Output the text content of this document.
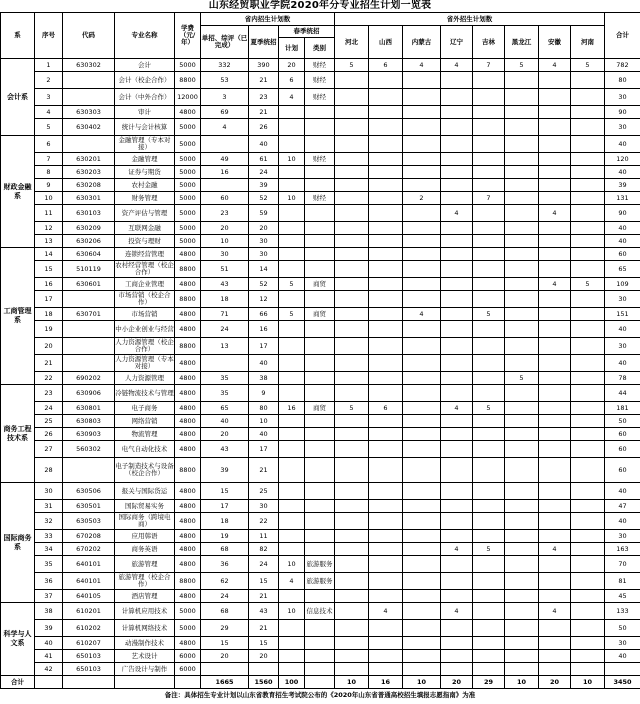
山东经贸职业学院2020年分专业招生计划一览表
系	序号	代码	专业名称	学费（元/年）	省内招生计划数				省外招生计划数								合计
					单招、综评（已完成）	夏季统招	春季统招		河北	山西	内蒙古	辽宁	吉林	黑龙江	安徽	河南	
							计划	类别									
会计系	1	630302	会计	5000	332	390	20	财经	5	6	4	4	7	5	4	5	782
	2		会计（校企合作）	8800	53	21	6	财经									80
	3		会计（中外合作）	12000	3	23	4	财经									30
	4	630303	审计	4800	69	21											90
	5	630402	统计与会计核算	5000	4	26											30
财政金融系	6		金融管理（专本对接）	5000		40											40
	7	630201	金融管理	5000	49	61	10	财经									120
	8	630203	证券与期货	5000	16	24											40
	9	630208	农村金融	5000		39											39
	10	630301	财务管理	5000	60	52	10	财经			2		7				131
	11	630103	资产评估与管理	5000	23	59						4			4		90
	12	630209	互联网金融	5000	20	20											40
	13	630206	投资与理财	5000	10	30											40
工商管理系	14	630604	连锁经营管理	4800	30	30											60
	15	510119	农村经营管理（校企合作）	8800	51	14											65
	16	630601	工商企业管理	4800	43	52	5	商贸							4	5	109
	17		市场营销（校企合作）	8800	18	12											30
	18	630701	市场营销	4800	71	66	5	商贸			4		5				151
	19		中小企业创业与经营	4800	24	16											40
	20		人力资源管理（校企合作）	8800	13	17											30
	21		人力资源管理（专本对接）	4800		40											40
	22	690202	人力资源管理	4800	35	38								5			78
商务工程技术系	23	630906	冷链物流技术与管理	4800	35	9											44
	24	630801	电子商务	4800	65	80	16	商贸	5	6		4	5				181
	25	630803	网络营销	4800	40	10											50
	26	630903	物流管理	4800	20	40											60
	27	560302	电气自动化技术	4800	43	17											60
	28		电子制造技术与设备（校企合作）	8800	39	21											60
国际商务系	30	630506	报关与国际货运	4800	15	25											40
	31	630501	国际贸易实务	4800	17	30											47
	32	630503	国际商务（跨境电商）	4800	18	22											40
	33	670208	应用韩语	4800	19	11											30
	34	670202	商务英语	4800	68	82						4	5		4		163
	35	640101	旅游管理	4800	36	24	10	旅游服务									70
	36	640101	旅游管理（校企合作）	8800	62	15	4	旅游服务									81
	37	640105	酒店管理	4800	24	21											45
科学与人文系	38	610201	计算机应用技术	5000	68	43	10	信息技术		4		4			4		133
	39	610202	计算机网络技术	5000	29	21											50
	40	610207	动漫制作技术	4800	15	15											30
	41	650103	艺术设计	6000	20	20											40
	42	650103	广告设计与制作	6000													
合计					1665	1560	100		10	16	10	20	29	10	20	10	3450
备注：具体招生专业计划以山东省教育招生考试院公布的《2020年山东省普通高校招生填报志愿指南》为准
